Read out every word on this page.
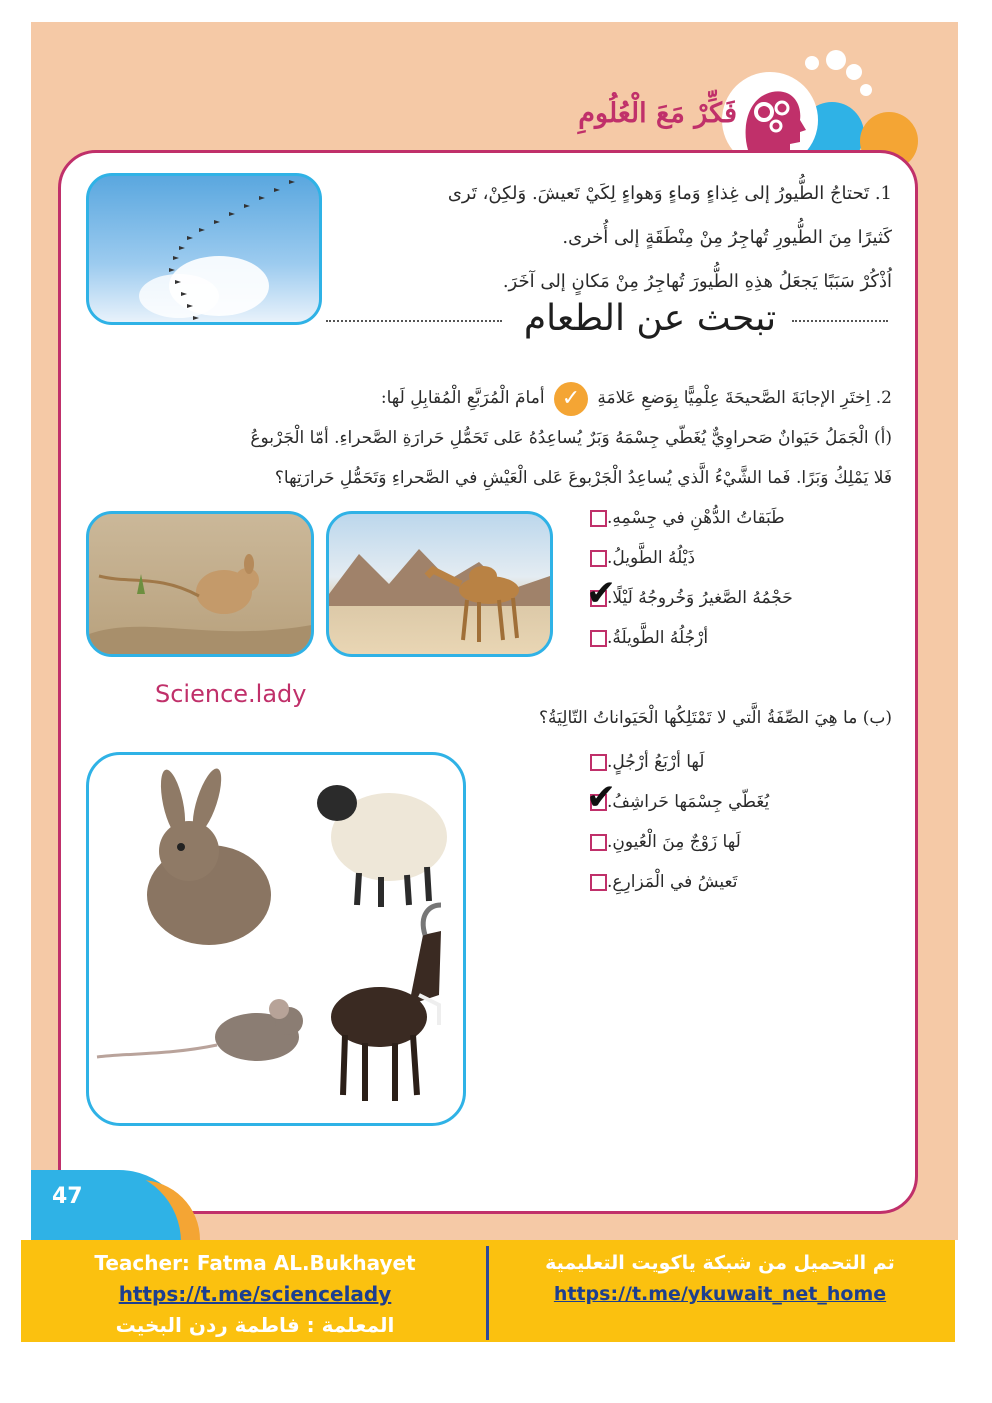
فَكِّرْ مَعَ الْعُلُومِ
1. تَحتاجُ الطُّيورُ إلى غِذاءٍ وَماءٍ وَهواءٍ لِكَيْ تَعيشَ. وَلكِنْ، تَرى
كَثيرًا مِنَ الطُّيورِ تُهاجِرُ مِنْ مِنْطَقَةٍ إلى أُخرى.
اُذْكُرْ سَبَبًا يَجعَلُ هذِهِ الطُّيورَ تُهاجِرُ مِنْ مَكانٍ إلى آخَرَ.
تبحث عن الطعام
2. اِختَرِ الإجابَةَ الصَّحيحَةَ عِلْمِيًّا بِوَضعِ عَلامَةِ ✓ أمامَ الْمُرَبَّعِ الْمُقابِلِ لَها:
(أ) الْجَمَلُ حَيَوانٌ صَحراوِيٌّ يُغَطّي جِسْمَهُ وَبَرٌ يُساعِدُهُ عَلى تَحَمُّلِ حَرارَةِ الصَّحراءِ. أمّا الْجَرْبوعُ
فَلا يَمْلِكُ وَبَرًا. فَما الشَّيْءُ الَّذي يُساعِدُ الْجَرْبوعَ عَلى الْعَيْشِ في الصَّحراءِ وَتَحَمُّلِ حَرارَتِها؟
طَبَقاتُ الدُّهْنِ في جِسْمِهِ.
ذَيْلُهُ الطَّويلُ.
✔
حَجْمُهُ الصَّغيرُ وَخُروجُهُ لَيْلًا.
أرْجُلُهُ الطَّويلَةُ.
Science.lady
(ب) ما هِيَ الصِّفَةُ الَّتي لا تَمْتَلِكُها الْحَيَواناتُ التّالِيَةُ؟
لَها أرْبَعُ أرْجُلٍ.
✔
يُغَطّي جِسْمَها حَراشِفُ.
لَها زَوْجٌ مِنَ الْعُيونِ.
تَعيشُ في الْمَزارِعِ.
47
Teacher: Fatma AL.Bukhayet
https://t.me/sciencelady
المعلمة : فاطمة ردن البخيت
تم التحميل من شبكة ياكويت التعليمية
https://t.me/ykuwait_net_home
